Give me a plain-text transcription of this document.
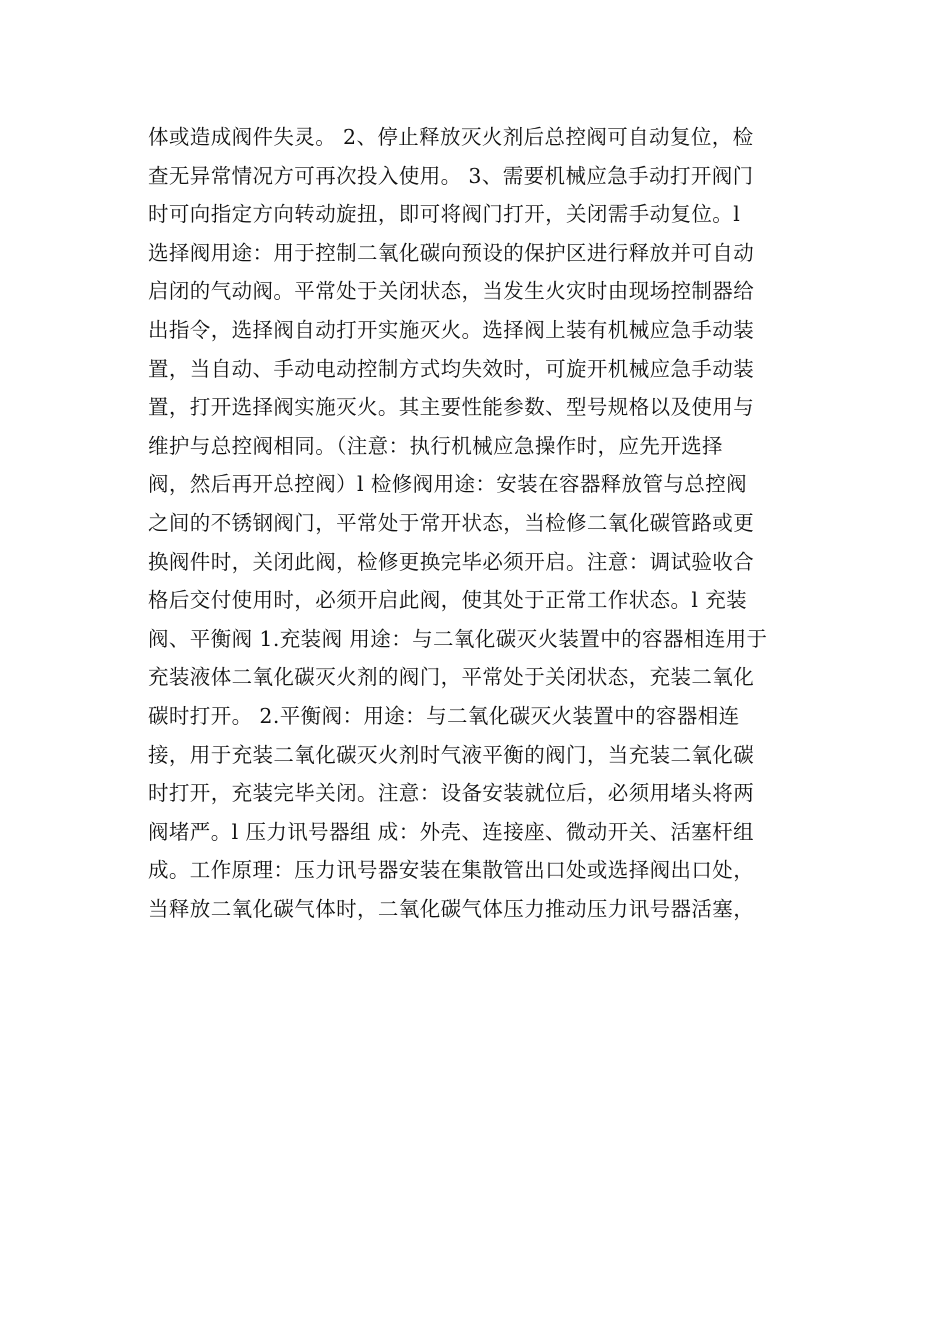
体或造成阀件失灵。 2、停止释放灭火剂后总控阀可自动复位，检
查无异常情况方可再次投入使用。 3、需要机械应急手动打开阀门
时可向指定方向转动旋扭，即可将阀门打开，关闭需手动复位。l
选择阀用途：用于控制二氧化碳向预设的保护区进行释放并可自动
启闭的气动阀。平常处于关闭状态，当发生火灾时由现场控制器给
出指令，选择阀自动打开实施灭火。选择阀上装有机械应急手动装
置，当自动、手动电动控制方式均失效时，可旋开机械应急手动装
置，打开选择阀实施灭火。其主要性能参数、型号规格以及使用与
维护与总控阀相同。（注意：执行机械应急操作时，应先开选择
阀，然后再开总控阀）l 检修阀用途：安装在容器释放管与总控阀
之间的不锈钢阀门，平常处于常开状态，当检修二氧化碳管路或更
换阀件时，关闭此阀，检修更换完毕必须开启。注意：调试验收合
格后交付使用时，必须开启此阀，使其处于正常工作状态。l 充装
阀、平衡阀 1.充装阀 用途：与二氧化碳灭火装置中的容器相连用于
充装液体二氧化碳灭火剂的阀门，平常处于关闭状态，充装二氧化
碳时打开。 2.平衡阀：用途：与二氧化碳灭火装置中的容器相连
接，用于充装二氧化碳灭火剂时气液平衡的阀门，当充装二氧化碳
时打开，充装完毕关闭。注意：设备安装就位后，必须用堵头将两
阀堵严。l 压力讯号器组 成：外壳、连接座、微动开关、活塞杆组
成。工作原理：压力讯号器安装在集散管出口处或选择阀出口处，
当释放二氧化碳气体时，二氧化碳气体压力推动压力讯号器活塞，
